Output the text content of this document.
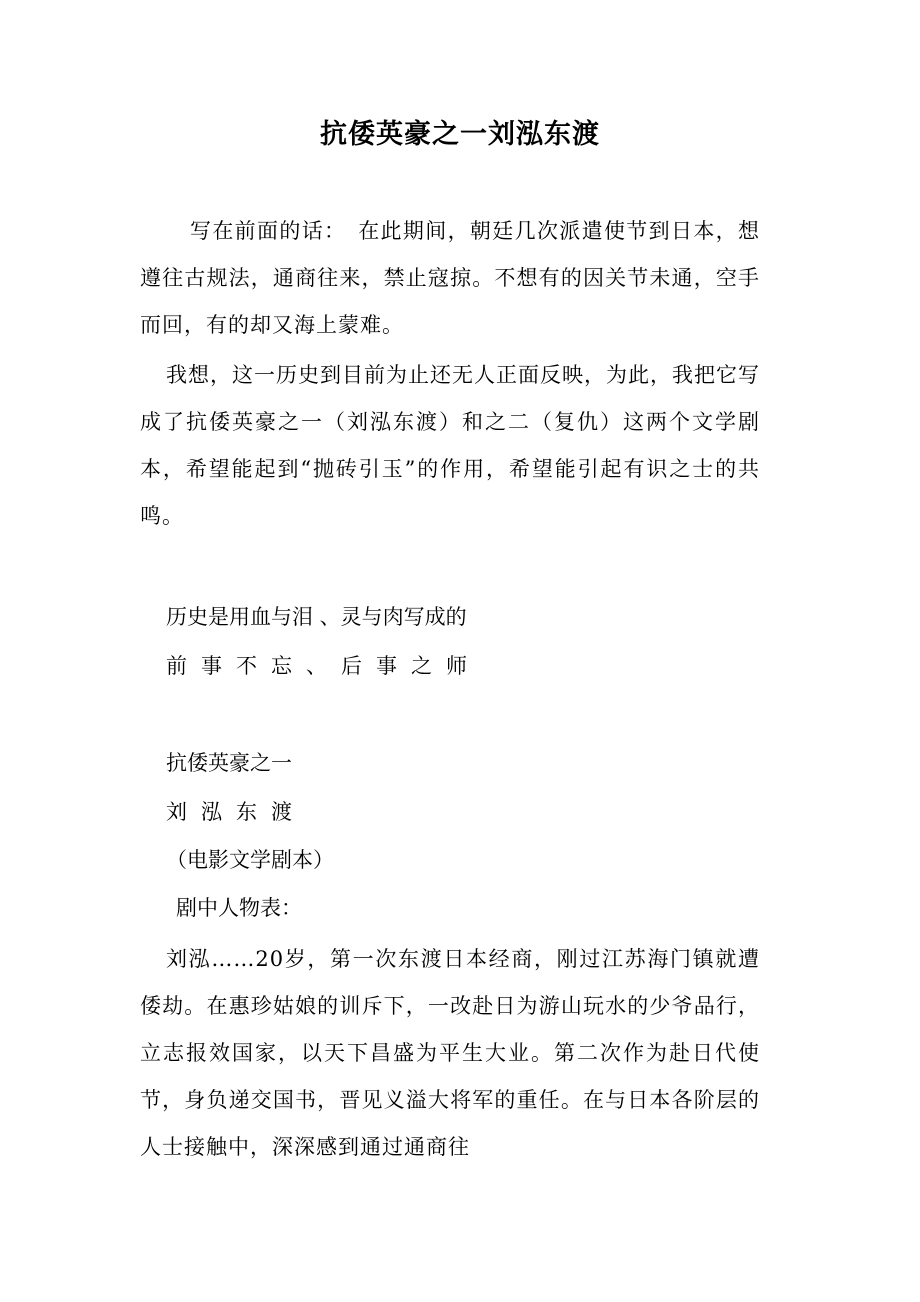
抗倭英豪之一刘泓东渡

写在前面的话：　在此期间，朝廷几次派遣使节到日本，想遵往古规法，通商往来，禁止寇掠。不想有的因关节未通，空手而回，有的却又海上蒙难。

我想，这一历史到目前为止还无人正面反映，为此，我把它写成了抗倭英豪之一（刘泓东渡）和之二（复仇）这两个文学剧本，希望能起到“抛砖引玉”的作用，希望能引起有识之士的共鸣。

历史是用血与泪 、灵与肉写成的

前事不忘、后事之师

抗倭英豪之一

刘泓东渡

（电影文学剧本）

剧中人物表：

刘泓……20岁，第一次东渡日本经商，刚过江苏海门镇就遭倭劫。在惠珍姑娘的训斥下，一改赴日为游山玩水的少爷品行，立志报效国家，以天下昌盛为平生大业。第二次作为赴日代使节，身负递交国书，晋见义溢大将军的重任。在与日本各阶层的人士接触中，深深感到通过通商往
